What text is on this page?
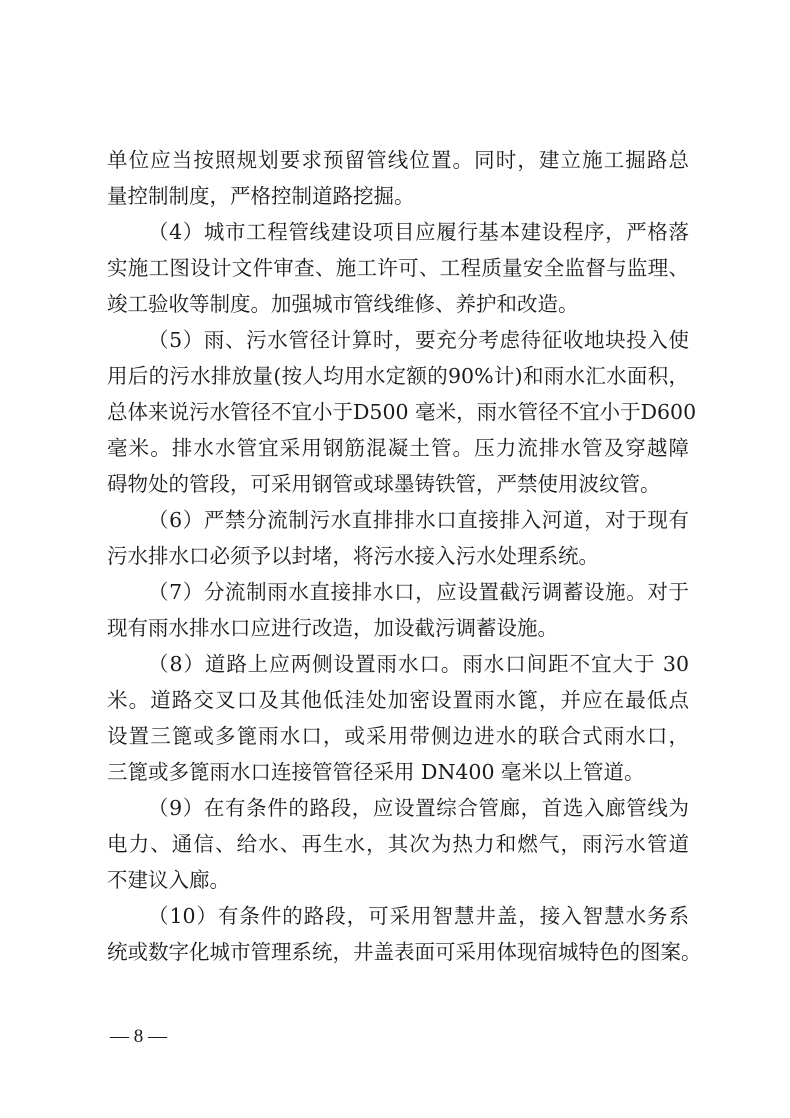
单位应当按照规划要求预留管线位置。同时，建立施工掘路总

量控制制度，严格控制道路挖掘。

（4）城市工程管线建设项目应履行基本建设程序，严格落

实施工图设计文件审查、施工许可、工程质量安全监督与监理、

竣工验收等制度。加强城市管线维修、养护和改造。

（5）雨、污水管径计算时，要充分考虑待征收地块投入使

用后的污水排放量(按人均用水定额的90%计)和雨水汇水面积，

总体来说污水管径不宜小于D500 毫米，雨水管径不宜小于D600

毫米。排水水管宜采用钢筋混凝土管。压力流排水管及穿越障

碍物处的管段，可采用钢管或球墨铸铁管，严禁使用波纹管。

（6）严禁分流制污水直排排水口直接排入河道，对于现有

污水排水口必须予以封堵，将污水接入污水处理系统。

（7）分流制雨水直接排水口，应设置截污调蓄设施。对于

现有雨水排水口应进行改造，加设截污调蓄设施。

（8）道路上应两侧设置雨水口。雨水口间距不宜大于 30

米。道路交叉口及其他低洼处加密设置雨水篦，并应在最低点

设置三篦或多篦雨水口，或采用带侧边进水的联合式雨水口，

三篦或多篦雨水口连接管管径采用 DN400 毫米以上管道。

（9）在有条件的路段，应设置综合管廊，首选入廊管线为

电力、通信、给水、再生水，其次为热力和燃气，雨污水管道

不建议入廊。

（10）有条件的路段，可采用智慧井盖，接入智慧水务系

统或数字化城市管理系统，井盖表面可采用体现宿城特色的图案。

— 8 —
